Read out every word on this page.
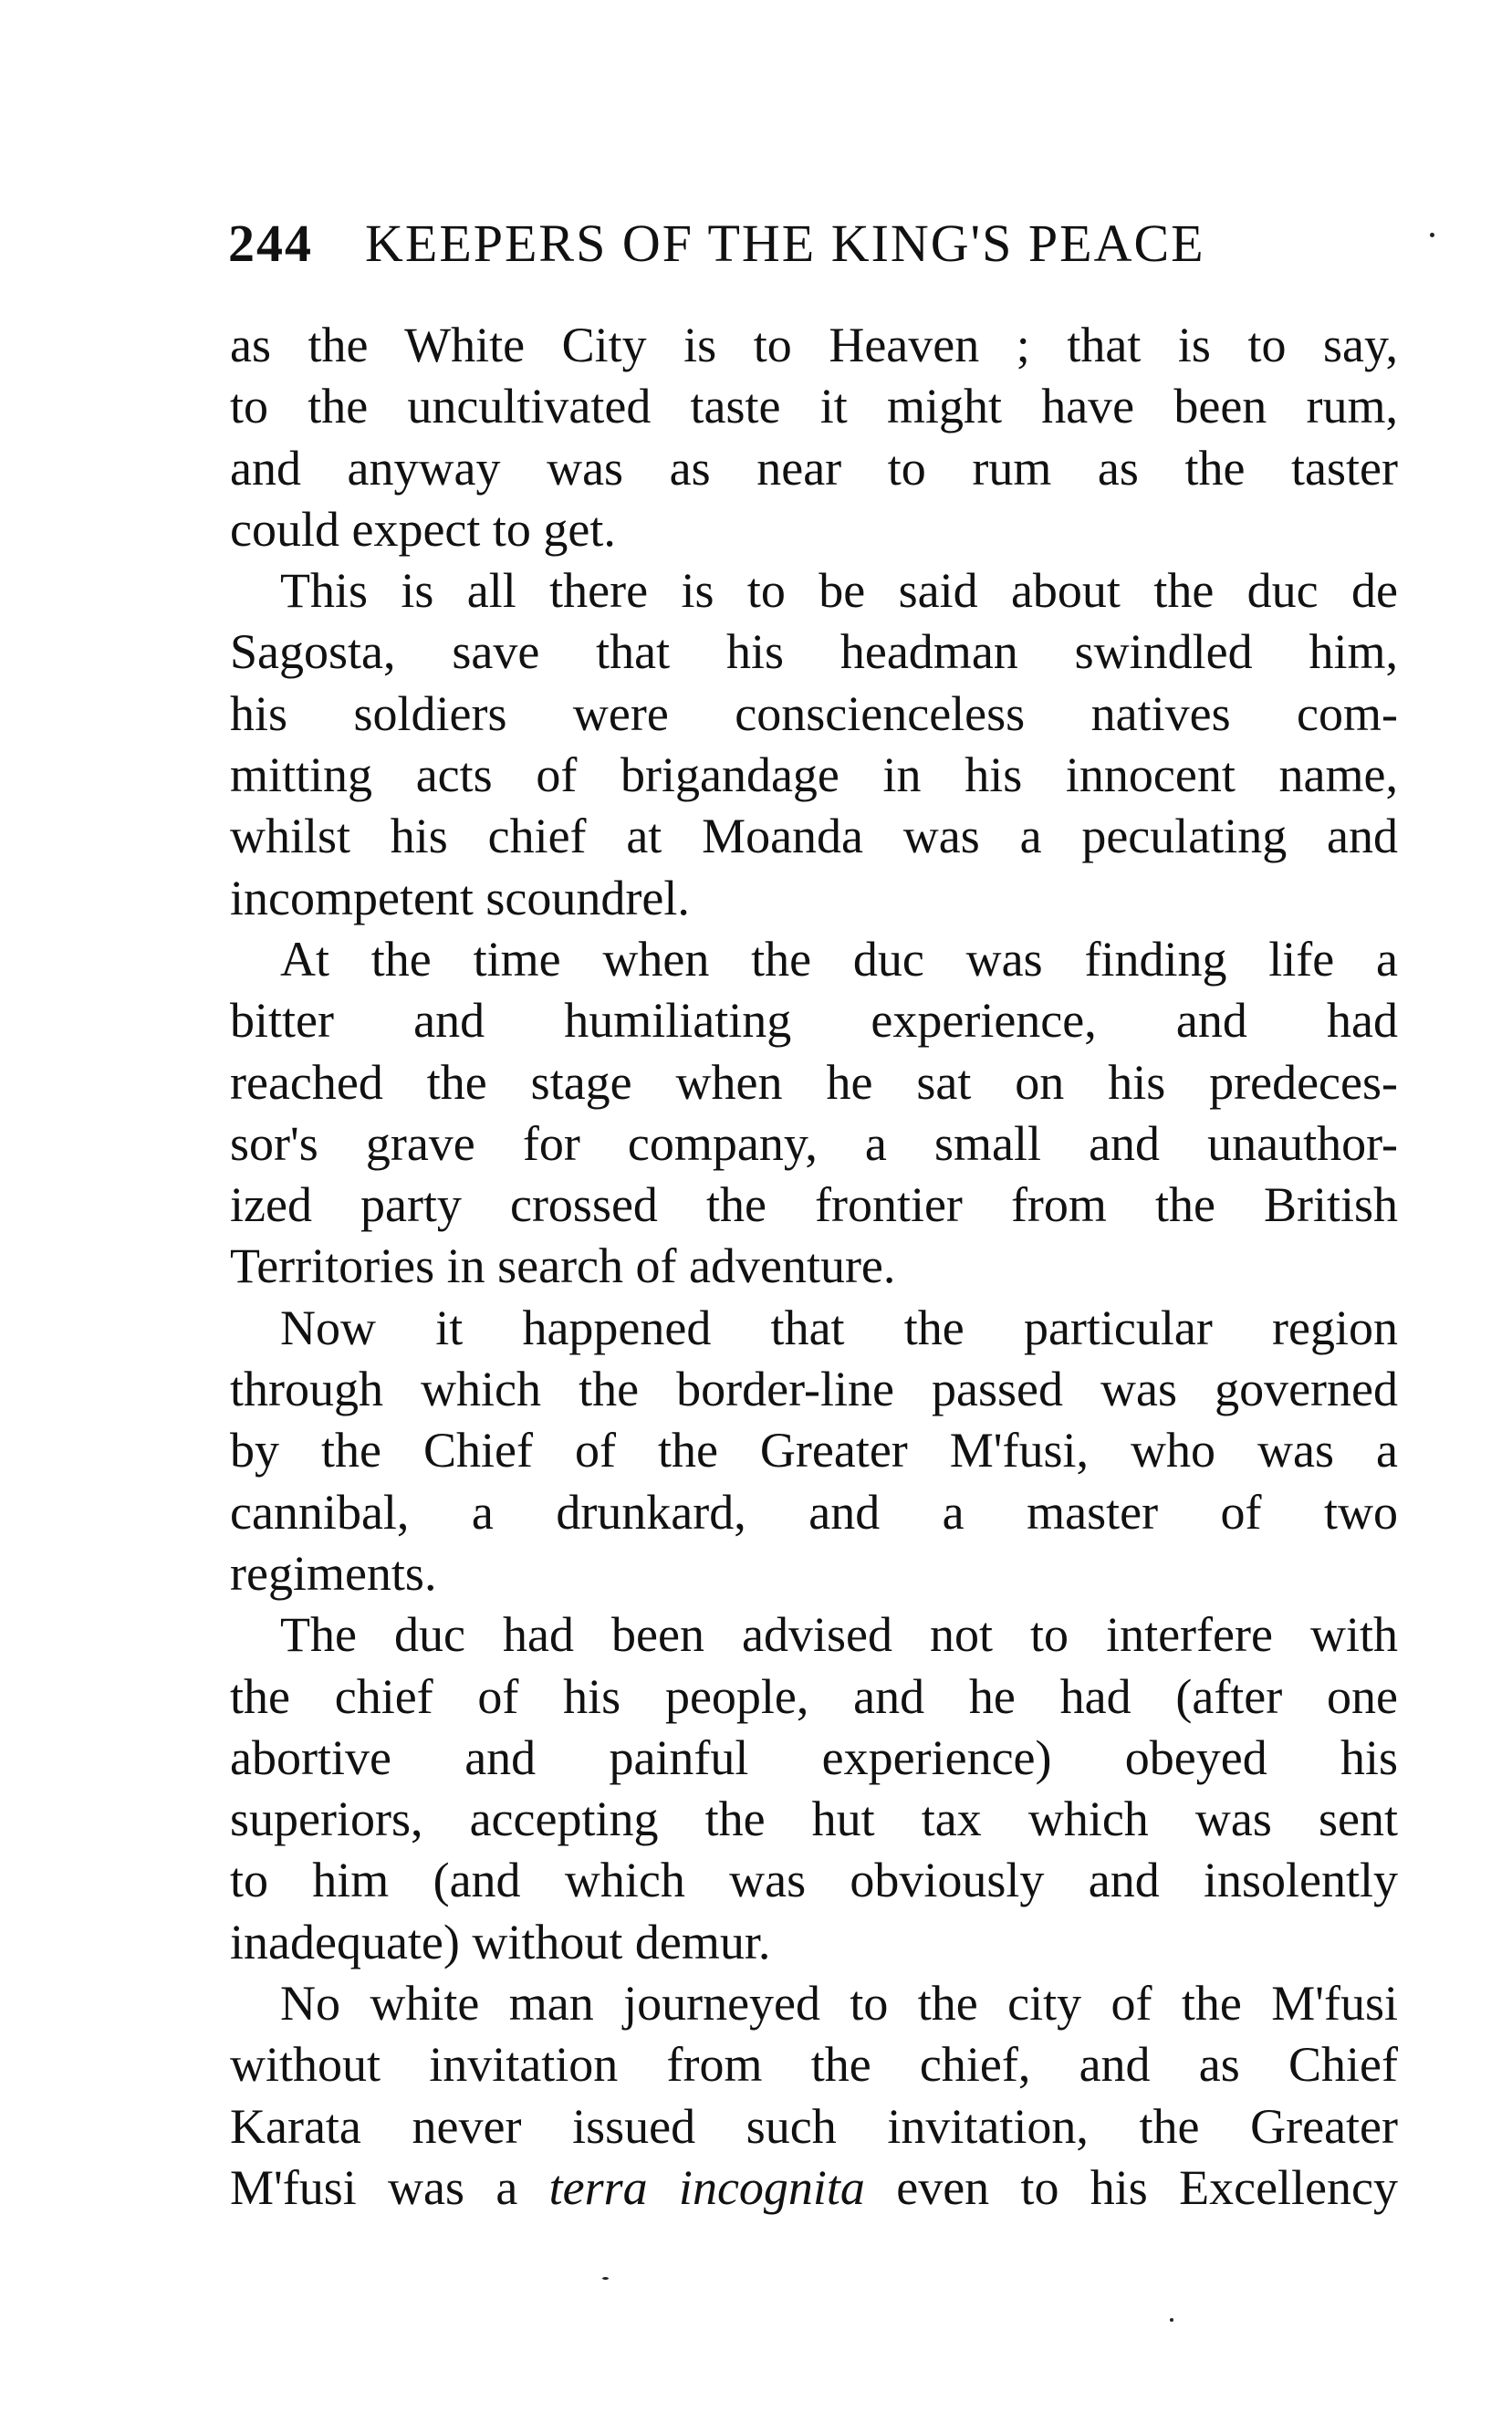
244 KEEPERS OF THE KING'S PEACE
as the White City is to Heaven ; that is to say,
to the uncultivated taste it might have been rum,
and anyway was as near to rum as the taster
could expect to get.
This is all there is to be said about the duc de
Sagosta, save that his headman swindled him,
his soldiers were conscienceless natives com-
mitting acts of brigandage in his innocent name,
whilst his chief at Moanda was a peculating and
incompetent scoundrel.
At the time when the duc was finding life a
bitter and humiliating experience, and had
reached the stage when he sat on his predeces-
sor's grave for company, a small and unauthor-
ized party crossed the frontier from the British
Territories in search of adventure.
Now it happened that the particular region
through which the border-line passed was governed
by the Chief of the Greater M'fusi, who was a
cannibal, a drunkard, and a master of two
regiments.
The duc had been advised not to interfere with
the chief of his people, and he had (after one
abortive and painful experience) obeyed his
superiors, accepting the hut tax which was sent
to him (and which was obviously and insolently
inadequate) without demur.
No white man journeyed to the city of the M'fusi
without invitation from the chief, and as Chief
Karata never issued such invitation, the Greater
M'fusi was a terra incognita even to his Excellency
